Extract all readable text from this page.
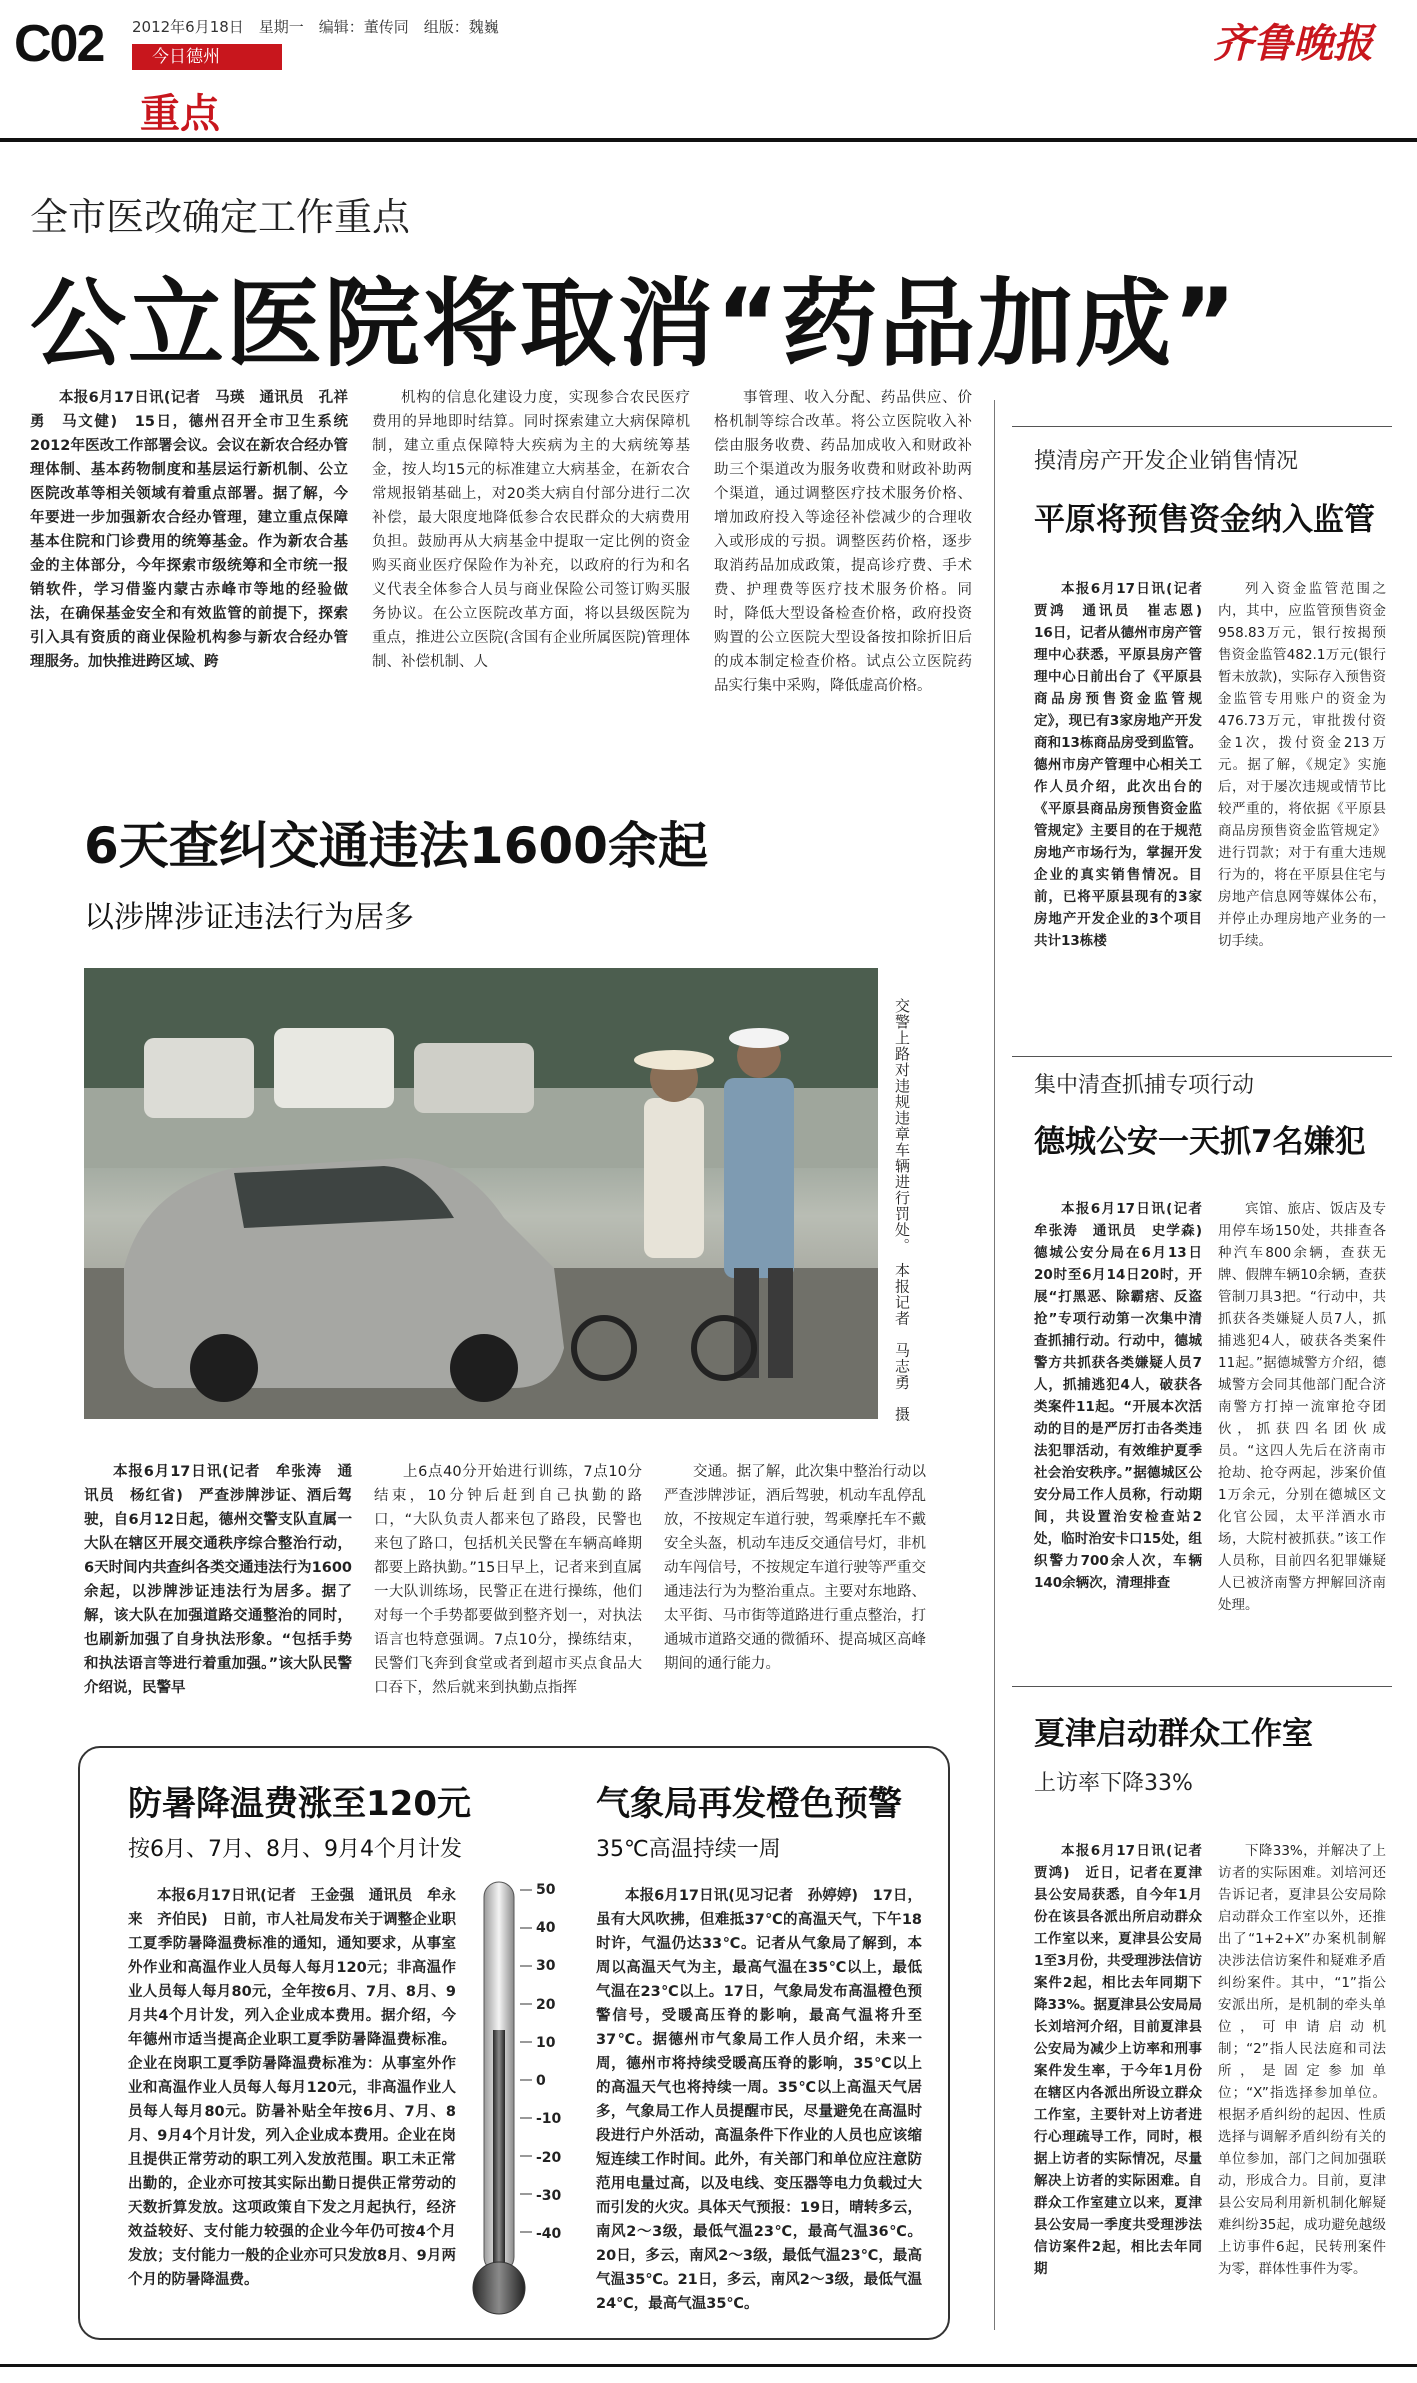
C02 2012年6月18日　星期一　编辑：董传同　组版：魏巍
今日德州
重点
齐鲁晚报
全市医改确定工作重点
公立医院将取消“药品加成”

本报6月17日讯(记者　马瑛　通讯员　孔祥勇　马文健)　15日，德州召开全市卫生系统2012年医改工作部署会议。会议在新农合经办管理体制、基本药物制度和基层运行新机制、公立医院改革等相关领域有着重点部署。据了解，今年要进一步加强新农合经办管理，建立重点保障基本住院和门诊费用的统筹基金。作为新农合基金的主体部分，今年探索市级统筹和全市统一报销软件，学习借鉴内蒙古赤峰市等地的经验做法，在确保基金安全和有效监管的前提下，探索引入具有资质的商业保险机构参与新农合经办管理服务。加快推进跨区域、跨

机构的信息化建设力度，实现参合农民医疗费用的异地即时结算。同时探索建立大病保障机制，建立重点保障特大疾病为主的大病统筹基金，按人均15元的标准建立大病基金，在新农合常规报销基础上，对20类大病自付部分进行二次补偿，最大限度地降低参合农民群众的大病费用负担。鼓励再从大病基金中提取一定比例的资金购买商业医疗保险作为补充，以政府的行为和名义代表全体参合人员与商业保险公司签订购买服务协议。在公立医院改革方面，将以县级医院为重点，推进公立医院(含国有企业所属医院)管理体制、补偿机制、人

事管理、收入分配、药品供应、价格机制等综合改革。将公立医院收入补偿由服务收费、药品加成收入和财政补助三个渠道改为服务收费和财政补助两个渠道，通过调整医疗技术服务价格、增加政府投入等途径补偿减少的合理收入或形成的亏损。调整医药价格，逐步取消药品加成政策，提高诊疗费、手术费、护理费等医疗技术服务价格。同时，降低大型设备检查价格，政府投资购置的公立医院大型设备按扣除折旧后的成本制定检查价格。试点公立医院药品实行集中采购，降低虚高价格。

6天查纠交通违法1600余起
以涉牌涉证违法行为居多
交警上路对违规违章车辆进行罚处。　本报记者　马志勇　摄

本报6月17日讯(记者　牟张涛　通讯员　杨红省)　严查涉牌涉证、酒后驾驶，自6月12日起，德州交警支队直属一大队在辖区开展交通秩序综合整治行动，6天时间内共查纠各类交通违法行为1600余起，以涉牌涉证违法行为居多。据了解，该大队在加强道路交通整治的同时，也刷新加强了自身执法形象。“包括手势和执法语言等进行着重加强。”该大队民警介绍说，民警早

上6点40分开始进行训练，7点10分结束，10分钟后赶到自己执勤的路口，“大队负责人都来包了路段，民警也来包了路口，包括机关民警在车辆高峰期都要上路执勤。”15日早上，记者来到直属一大队训练场，民警正在进行操练，他们对每一个手势都要做到整齐划一，对执法语言也特意强调。7点10分，操练结束，民警们飞奔到食堂或者到超市买点食品大口吞下，然后就来到执勤点指挥

交通。据了解，此次集中整治行动以严查涉牌涉证，酒后驾驶，机动车乱停乱放，不按规定车道行驶，驾乘摩托车不戴安全头盔，机动车违反交通信号灯，非机动车闯信号，不按规定车道行驶等严重交通违法行为为整治重点。主要对东地路、太平街、马市街等道路进行重点整治，打通城市道路交通的微循环、提高城区高峰期间的通行能力。

防暑降温费涨至120元
按6月、7月、8月、9月4个月计发

本报6月17日讯(记者　王金强　通讯员　牟永来　齐伯民)　日前，市人社局发布关于调整企业职工夏季防暑降温费标准的通知，通知要求，从事室外作业和高温作业人员每人每月120元；非高温作业人员每人每月80元，全年按6月、7月、8月、9月共4个月计发，列入企业成本费用。据介绍，今年德州市适当提高企业职工夏季防暑降温费标准。企业在岗职工夏季防暑降温费标准为：从事室外作业和高温作业人员每人每月120元，非高温作业人员每人每月80元。防暑补贴全年按6月、7月、8月、9月4个月计发，列入企业成本费用。企业在岗且提供正常劳动的职工列入发放范围。职工未正常出勤的，企业亦可按其实际出勤日提供正常劳动的天数折算发放。这项政策自下发之月起执行，经济效益较好、支付能力较强的企业今年仍可按4个月发放；支付能力一般的企业亦可只发放8月、9月两个月的防暑降温费。

50
40
30
20
10
0
-10
-20
-30
-40
气象局再发橙色预警
35℃高温持续一周

本报6月17日讯(见习记者　孙婷婷)　17日，虽有大风吹拂，但难抵37℃的高温天气，下午18时许，气温仍达33℃。记者从气象局了解到，本周以高温天气为主，最高气温在35℃以上，最低气温在23℃以上。17日，气象局发布高温橙色预警信号，受暖高压脊的影响，最高气温将升至37℃。据德州市气象局工作人员介绍，未来一周，德州市将持续受暖高压脊的影响，35℃以上的高温天气也将持续一周。35℃以上高温天气居多，气象局工作人员提醒市民，尽量避免在高温时段进行户外活动，高温条件下作业的人员也应该缩短连续工作时间。此外，有关部门和单位应注意防范用电量过高，以及电线、变压器等电力负载过大而引发的火灾。具体天气预报：19日，晴转多云，南风2～3级，最低气温23℃，最高气温36℃。20日，多云，南风2～3级，最低气温23℃，最高气温35℃。21日，多云，南风2～3级，最低气温24℃，最高气温35℃。

摸清房产开发企业销售情况
平原将预售资金纳入监管

本报6月17日讯(记者　贾鸿　通讯员　崔志恩)　16日，记者从德州市房产管理中心获悉，平原县房产管理中心日前出台了《平原县商品房预售资金监管规定》，现已有3家房地产开发商和13栋商品房受到监管。德州市房产管理中心相关工作人员介绍，此次出台的《平原县商品房预售资金监管规定》主要目的在于规范房地产市场行为，掌握开发企业的真实销售情况。目前，已将平原县现有的3家房地产开发企业的3个项目共计13栋楼

列入资金监管范围之内，其中，应监管预售资金958.83万元，银行按揭预售资金监管482.1万元(银行暂未放款)，实际存入预售资金监管专用账户的资金为476.73万元，审批拨付资金1次，拨付资金213万元。据了解，《规定》实施后，对于屡次违规或情节比较严重的，将依据《平原县商品房预售资金监管规定》进行罚款；对于有重大违规行为的，将在平原县住宅与房地产信息网等媒体公布，并停止办理房地产业务的一切手续。

集中清查抓捕专项行动
德城公安一天抓7名嫌犯

本报6月17日讯(记者　牟张涛　通讯员　史学森)　德城公安分局在6月13日20时至6月14日20时，开展“打黑恶、除霸痞、反盗抢”专项行动第一次集中清查抓捕行动。行动中，德城警方共抓获各类嫌疑人员7人，抓捕逃犯4人，破获各类案件11起。“开展本次活动的目的是严厉打击各类违法犯罪活动，有效维护夏季社会治安秩序。”据德城区公安分局工作人员称，行动期间，共设置治安检查站2处，临时治安卡口15处，组织警力700余人次，车辆140余辆次，清理排查

宾馆、旅店、饭店及专用停车场150处，共排查各种汽车800余辆，查获无牌、假牌车辆10余辆，查获管制刀具3把。“行动中，共抓获各类嫌疑人员7人，抓捕逃犯4人，破获各类案件11起。”据德城警方介绍，德城警方会同其他部门配合济南警方打掉一流窜抢夺团伙，抓获四名团伙成员。“这四人先后在济南市抢劫、抢夺两起，涉案价值1万余元，分别在德城区文化官公园，太平洋酒水市场，大院村被抓获。”该工作人员称，目前四名犯罪嫌疑人已被济南警方押解回济南处理。

夏津启动群众工作室
上访率下降33%

本报6月17日讯(记者　贾鸿)　近日，记者在夏津县公安局获悉，自今年1月份在该县各派出所启动群众工作室以来，夏津县公安局1至3月份，共受理涉法信访案件2起，相比去年同期下降33%。据夏津县公安局局长刘培河介绍，目前夏津县公安局为减少上访率和刑事案件发生率，于今年1月份在辖区内各派出所设立群众工作室，主要针对上访者进行心理疏导工作，同时，根据上访者的实际情况，尽量解决上访者的实际困难。自群众工作室建立以来，夏津县公安局一季度共受理涉法信访案件2起，相比去年同期

下降33%，并解决了上访者的实际困难。刘培河还告诉记者，夏津县公安局除启动群众工作室以外，还推出了“1+2+X”办案机制解决涉法信访案件和疑难矛盾纠纷案件。其中，“1”指公安派出所，是机制的牵头单位，可申请启动机制；“2”指人民法庭和司法所，是固定参加单位；“X”指选择参加单位。根据矛盾纠纷的起因、性质选择与调解矛盾纠纷有关的单位参加，部门之间加强联动，形成合力。目前，夏津县公安局利用新机制化解疑难纠纷35起，成功避免越级上访事件6起，民转刑案件为零，群体性事件为零。
